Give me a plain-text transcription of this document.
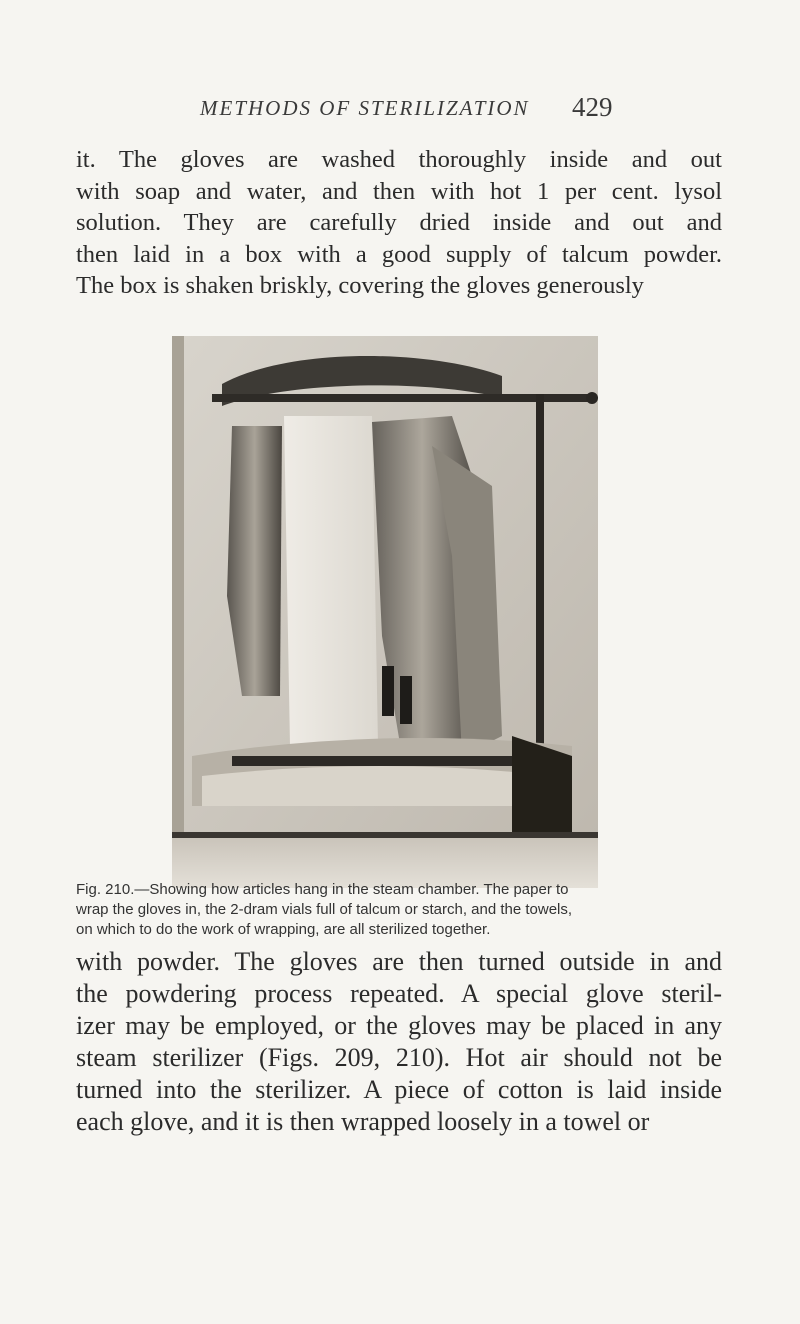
METHODS OF STERILIZATION 429

it. The gloves are washed thoroughly inside and out
with soap and water, and then with hot 1 per cent. lysol
solution. They are carefully dried inside and out and
then laid in a box with a good supply of talcum powder.
The box is shaken briskly, covering the gloves generously

Fig. 210.—Showing how articles hang in the steam chamber. The paper to
wrap the gloves in, the 2-dram vials full of talcum or starch, and the towels,
on which to do the work of wrapping, are all sterilized together.

with powder. The gloves are then turned outside in and
the powdering process repeated. A special glove steril-
izer may be employed, or the gloves may be placed in any
steam sterilizer (Figs. 209, 210). Hot air should not be
turned into the sterilizer. A piece of cotton is laid inside
each glove, and it is then wrapped loosely in a towel or
